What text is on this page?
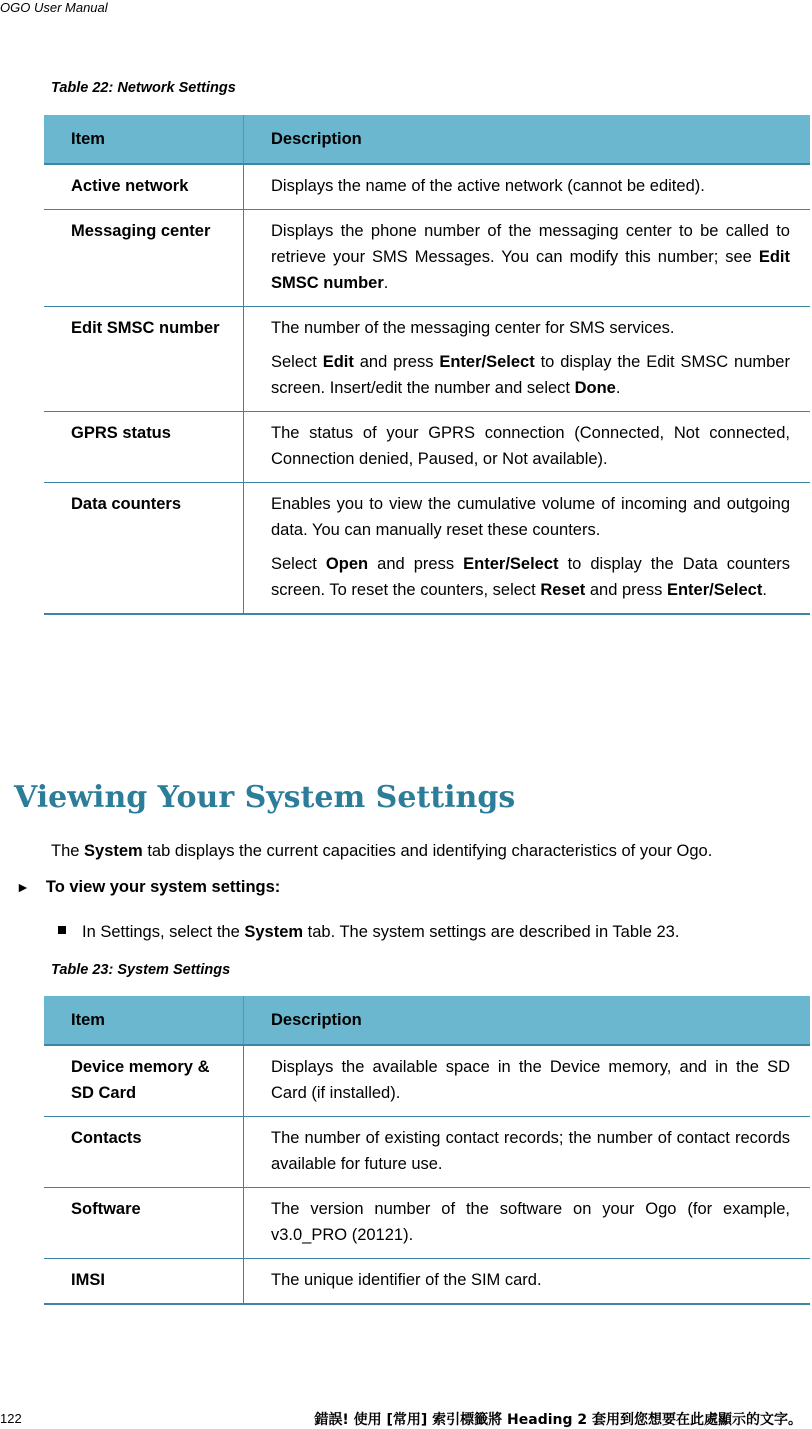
OGO User Manual
Table 22: Network Settings
Item	Description
Active network	Displays the name of the active network (cannot be edited).
Messaging center	Displays the phone number of the messaging center to be called to retrieve your SMS Messages. You can modify this number; see Edit SMSC number.
Edit SMSC number	The number of the messaging center for SMS services.

Select Edit and press Enter/Select to display the Edit SMSC number screen. Insert/edit the number and select Done.

GPRS status	The status of your GPRS connection (Connected, Not connected, Connection denied, Paused, or Not available).
Data counters	Enables you to view the cumulative volume of incoming and outgoing data. You can manually reset these counters.

Select Open and press Enter/Select to display the Data counters screen. To reset the counters, select Reset and press Enter/Select.

Viewing Your System Settings
The System tab displays the current capacities and identifying characteristics of your Ogo.
► To view your system settings:
In Settings, select the System tab. The system settings are described in Table 23.
Table 23: System Settings
Item	Description
Device memory & SD Card	Displays the available space in the Device memory, and in the SD Card (if installed).
Contacts	The number of existing contact records; the number of contact records available for future use.
Software	The version number of the software on your Ogo (for example, v3.0_PRO (20121).
IMSI	The unique identifier of the SIM card.
122	錯誤! 使用 [常用] 索引標籤將 Heading 2 套用到您想要在此處顯示的文字。
